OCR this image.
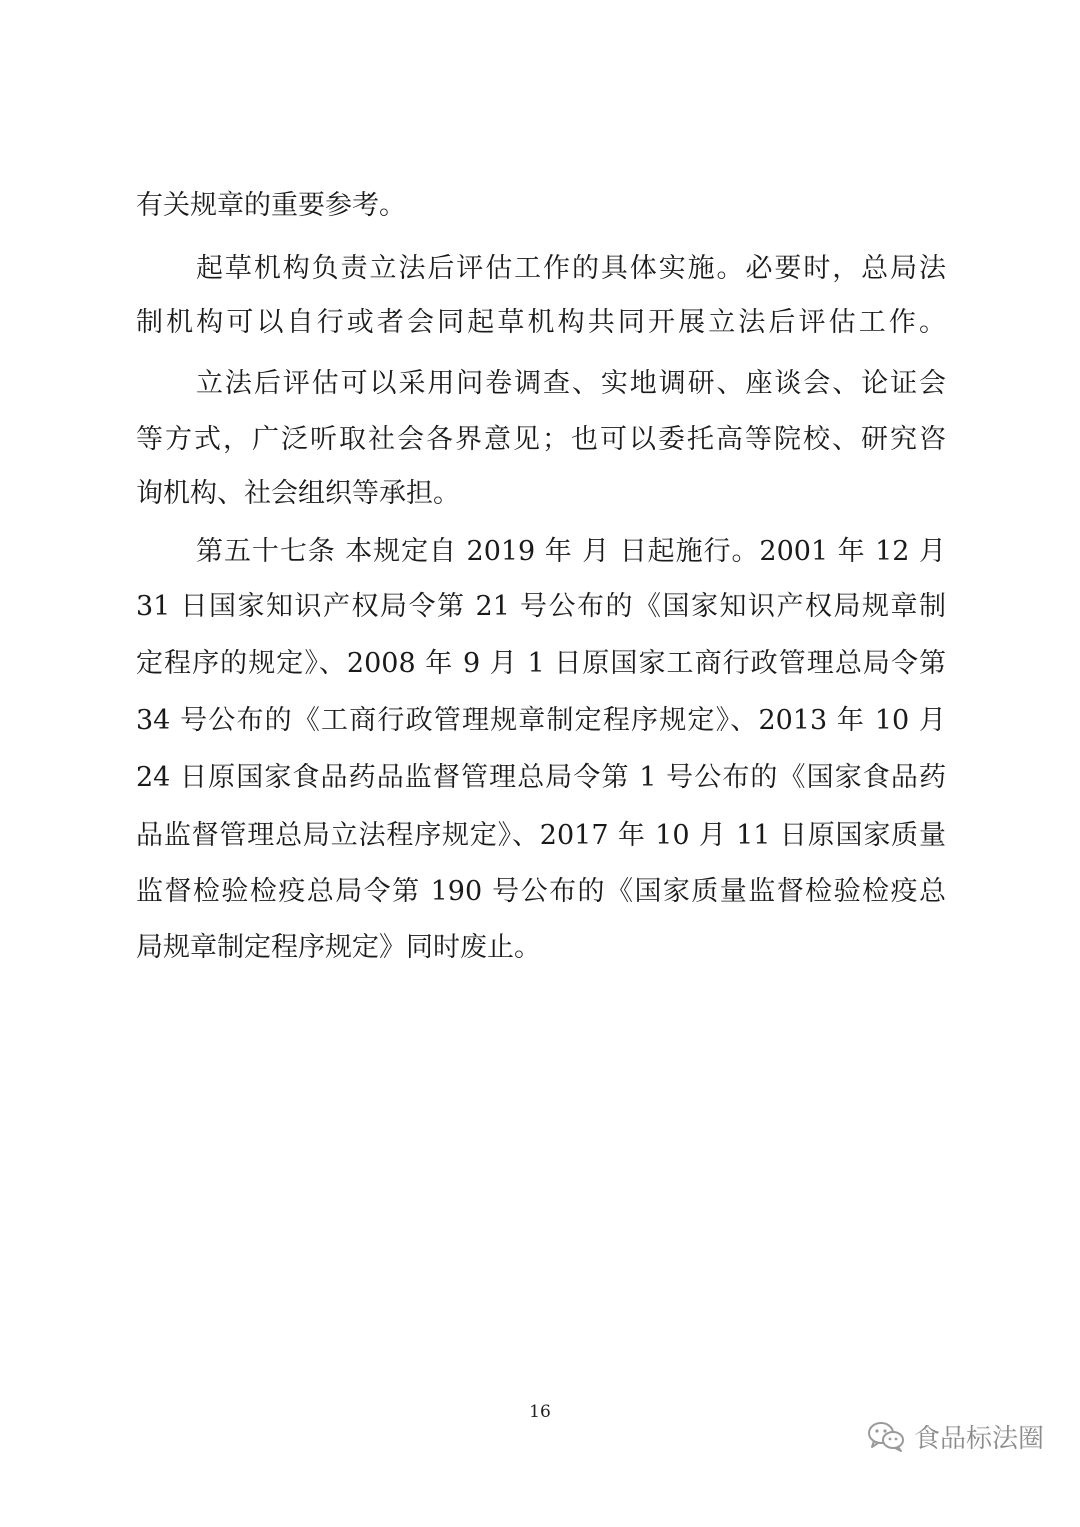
有关规章的重要参考。
起草机构负责立法后评估工作的具体实施。必要时，总局法
制机构可以自行或者会同起草机构共同开展立法后评估工作。
立法后评估可以采用问卷调查、实地调研、座谈会、论证会
等方式，广泛听取社会各界意见；也可以委托高等院校、研究咨
询机构、社会组织等承担。
第五十七条 本规定自 2019 年 月 日起施行。2001 年 12 月
31 日国家知识产权局令第 21 号公布的《国家知识产权局规章制
定程序的规定》、2008 年 9 月 1 日原国家工商行政管理总局令第
34 号公布的《工商行政管理规章制定程序规定》、2013 年 10 月
24 日原国家食品药品监督管理总局令第 1 号公布的《国家食品药
品监督管理总局立法程序规定》、2017 年 10 月 11 日原国家质量
监督检验检疫总局令第 190 号公布的《国家质量监督检验检疫总
局规章制定程序规定》同时废止。
16
食品标法圈
